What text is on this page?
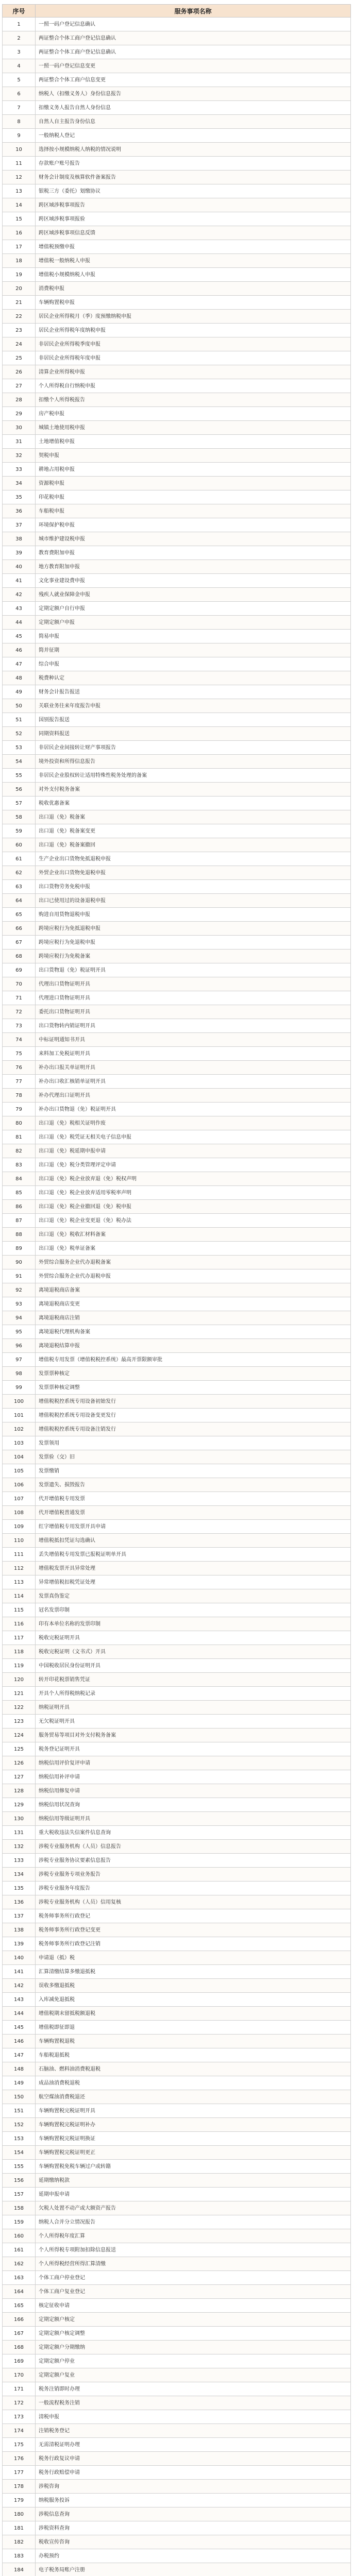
序号	服务事项名称
1	一照一码户登记信息确认
2	两证整合个体工商户登记信息确认
3	两证整合个体工商户登记信息确认
4	一照一码户登记信息变更
5	两证整合个体工商户信息变更
6	纳税人（扣缴义务人）身份信息报告
7	扣缴义务人报告自然人身份信息
8	自然人自主报告身份信息
9	一般纳税人登记
10	选择按小规模纳税人纳税的情况说明
11	存款账户账号报告
12	财务会计制度及核算软件备案报告
13	银税三方（委托）划缴协议
14	跨区域涉税事项报告
15	跨区域涉税事项报验
16	跨区域涉税事项信息反馈
17	增值税预缴申报
18	增值税一般纳税人申报
19	增值税小规模纳税人申报
20	消费税申报
21	车辆购置税申报
22	居民企业所得税月（季）度预缴纳税申报
23	居民企业所得税年度纳税申报
24	非居民企业所得税季度申报
25	非居民企业所得税年度申报
26	清算企业所得税申报
27	个人所得税自行纳税申报
28	扣缴个人所得税报告
29	房产税申报
30	城镇土地使用税申报
31	土地增值税申报
32	契税申报
33	耕地占用税申报
34	资源税申报
35	印花税申报
36	车船税申报
37	环境保护税申报
38	城市维护建设税申报
39	教育费附加申报
40	地方教育附加申报
41	文化事业建设费申报
42	残疾人就业保障金申报
43	定期定额户自行申报
44	定期定额户申报
45	简易申报
46	简并征期
47	综合申报
48	税费种认定
49	财务会计报告报送
50	关联业务往来年度报告申报
51	国别报告报送
52	同期资料报送
53	非居民企业间接转让财产事项报告
54	境外投资和所得信息报告
55	非居民企业股权转让适用特殊性税务处理的备案
56	对外支付税务备案
57	税收优惠备案
58	出口退（免）税备案
59	出口退（免）税备案变更
60	出口退（免）税备案撤回
61	生产企业出口货物免抵退税申报
62	外贸企业出口货物免退税申报
63	出口货物劳务免税申报
64	出口已使用过的设备退税申报
65	购进自用货物退税申报
66	跨境应税行为免抵退税申报
67	跨境应税行为免退税申报
68	跨境应税行为免税备案
69	出口货物退（免）税证明开具
70	代理出口货物证明开具
71	代理进口货物证明开具
72	委托出口货物证明开具
73	出口货物转内销证明开具
74	中标证明通知书开具
75	来料加工免税证明开具
76	补办出口报关单证明开具
77	补办出口收汇核销单证明开具
78	补办代理出口证明开具
79	补办出口货物退（免）税证明开具
80	出口退（免）税相关证明作废
81	出口退（免）税凭证无相关电子信息申报
82	出口退（免）税延期申报申请
83	出口退（免）税分类管理评定申请
84	出口退（免）税企业放弃退（免）税权声明
85	出口退（免）税企业放弃适用零税率声明
86	出口退（免）税企业撤回退（免）税申报
87	出口退（免）税企业变更退（免）税办法
88	出口退（免）税收汇材料备案
89	出口退（免）税单证备案
90	外贸综合服务企业代办退税备案
91	外贸综合服务企业代办退税申报
92	离境退税商店备案
93	离境退税商店变更
94	离境退税商店注销
95	离境退税代理机构备案
96	离境退税结算申报
97	增值税专用发票（增值税税控系统）最高开票限额审批
98	发票票种核定
99	发票票种核定调整
100	增值税税控系统专用设备初始发行
101	增值税税控系统专用设备变更发行
102	增值税税控系统专用设备注销发行
103	发票领用
104	发票验（交）旧
105	发票缴销
106	发票遗失、损毁报告
107	代开增值税专用发票
108	代开增值税普通发票
109	红字增值税专用发票开具申请
110	增值税抵扣凭证勾选确认
111	丢失增值税专用发票已报税证明单开具
112	增值税发票开具异常处理
113	异常增值税扣税凭证处理
114	发票真伪鉴定
115	冠名发票印制
116	印有本单位名称的发票印制
117	税收完税证明开具
118	税收完税证明（文书式）开具
119	中国税收居民身份证明开具
120	转开印花税票销售凭证
121	开具个人所得税纳税记录
122	纳税证明开具
123	无欠税证明开具
124	服务贸易等项目对外支付税务备案
125	税务登记证明开具
126	纳税信用评价复评申请
127	纳税信用补评申请
128	纳税信用修复申请
129	纳税信用状况查询
130	纳税信用等级证明开具
131	重大税收违法失信案件信息查询
132	涉税专业服务机构（人员）信息报告
133	涉税专业服务协议要素信息报告
134	涉税专业服务专项业务报告
135	涉税专业服务年度报告
136	涉税专业服务机构（人员）信用复核
137	税务师事务所行政登记
138	税务师事务所行政登记变更
139	税务师事务所行政登记注销
140	申请退（抵）税
141	汇算清缴结算多缴退抵税
142	误收多缴退抵税
143	入库减免退抵税
144	增值税期末留抵税额退税
145	增值税即征即退
146	车辆购置税退税
147	车船税退抵税
148	石脑油、燃料油消费税退税
149	成品油消费税退税
150	航空煤油消费税退还
151	车辆购置税完税证明开具
152	车辆购置税完税证明补办
153	车辆购置税完税证明换证
154	车辆购置税完税证明更正
155	车辆购置税免税车辆过户或转籍
156	延期缴纳税款
157	延期申报申请
158	欠税人处置不动产或大额资产报告
159	纳税人合并分立情况报告
160	个人所得税年度汇算
161	个人所得税专项附加扣除信息报送
162	个人所得税经营所得汇算清缴
163	个体工商户停业登记
164	个体工商户复业登记
165	核定征收申请
166	定期定额户核定
167	定期定额户核定调整
168	定期定额户分期缴纳
169	定期定额户停业
170	定期定额户复业
171	税务注销即时办理
172	一般流程税务注销
173	清税申报
174	注销税务登记
175	无需清税证明办理
176	税务行政复议申请
177	税务行政赔偿申请
178	涉税咨询
179	纳税服务投诉
180	涉税信息查询
181	涉税资料查询
182	税收宣传咨询
183	办税预约
184	电子税务局账户注册
